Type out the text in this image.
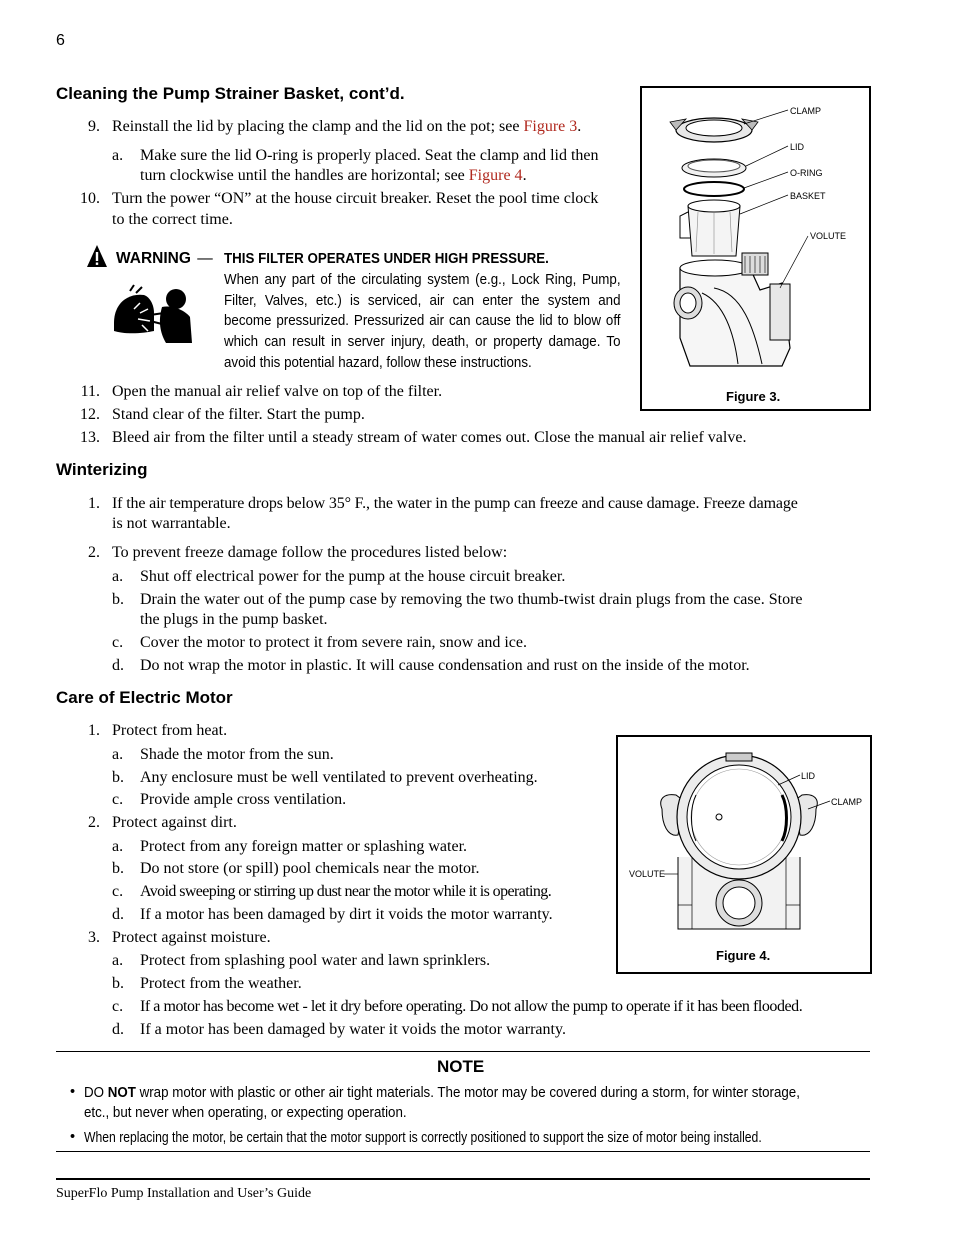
6
Cleaning the Pump Strainer Basket, cont’d.
9. Reinstall the lid by placing the clamp and the lid on the pot; see Figure 3.
a. Make sure the lid O-ring is properly placed. Seat the clamp and lid then
turn clockwise until the handles are horizontal; see Figure 4.
10. Turn the power “ON” at the house circuit breaker. Reset the pool time clock
to the correct time.
WARNING — THIS FILTER OPERATES UNDER HIGH PRESSURE.
When any part of the circulating system (e.g., Lock Ring, Pump, Filter, Valves, etc.) is serviced, air can enter the system and become pressurized. Pressurized air can cause the lid to blow off which can result in server injury, death, or property damage. To avoid this potential hazard, follow these instructions.
CLAMP
LID
O-RING
BASKET
VOLUTE
Figure 3.
11. Open the manual air relief valve on top of the filter.
12. Stand clear of the filter. Start the pump.
13. Bleed air from the filter until a steady stream of water comes out. Close the manual air relief valve.
Winterizing
1. If the air temperature drops below 35° F., the water in the pump can freeze and cause damage. Freeze damage
is not warrantable.
2. To prevent freeze damage follow the procedures listed below:
a. Shut off electrical power for the pump at the house circuit breaker.
b. Drain the water out of the pump case by removing the two thumb-twist drain plugs from the case. Store
the plugs in the pump basket.
c. Cover the motor to protect it from severe rain, snow and ice.
d. Do not wrap the motor in plastic. It will cause condensation and rust on the inside of the motor.
Care of Electric Motor
1. Protect from heat.
a. Shade the motor from the sun.
b. Any enclosure must be well ventilated to prevent overheating.
c. Provide ample cross ventilation.
2. Protect against dirt.
a. Protect from any foreign matter or splashing water.
b. Do not store (or spill) pool chemicals near the motor.
c. Avoid sweeping or stirring up dust near the motor while it is operating.
d. If a motor has been damaged by dirt it voids the motor warranty.
3. Protect against moisture.
a. Protect from splashing pool water and lawn sprinklers.
b. Protect from the weather.
c. If a motor has become wet - let it dry before operating. Do not allow the pump to operate if it has been flooded.
d. If a motor has been damaged by water it voids the motor warranty.
LID
CLAMP
VOLUTE
Figure 4.
NOTE
• DO NOT wrap motor with plastic or other air tight materials. The motor may be covered during a storm, for winter storage,
etc., but never when operating, or expecting operation.
• When replacing the motor, be certain that the motor support is correctly positioned to support the size of motor being installed.
SuperFlo Pump Installation and User’s Guide
